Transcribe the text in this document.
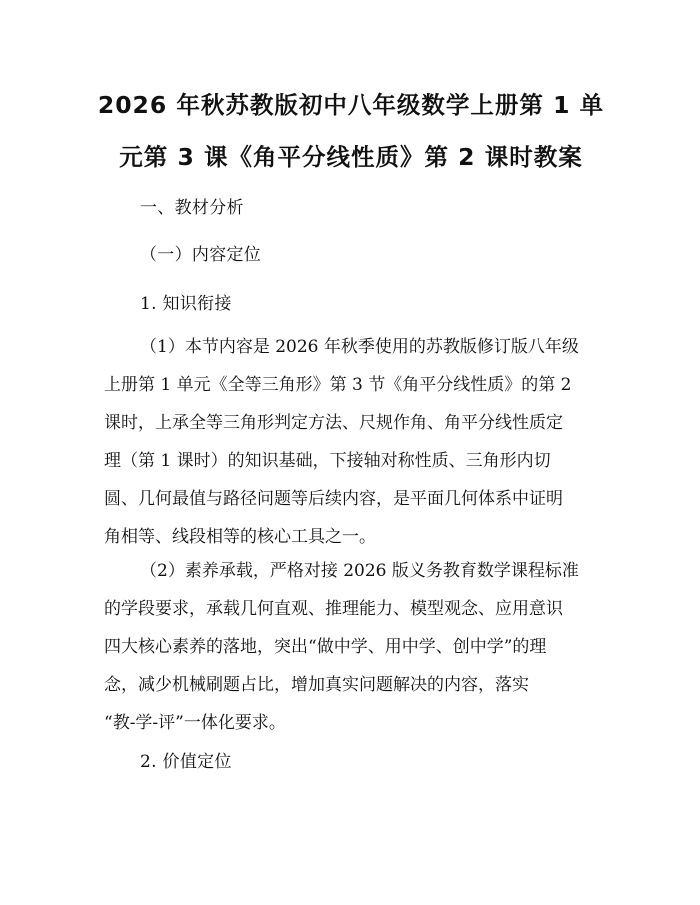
2026 年秋苏教版初中八年级数学上册第 1 单
元第 3 课《角平分线性质》第 2 课时教案
一、教材分析
（一）内容定位
1. 知识衔接
（1）本节内容是 2026 年秋季使用的苏教版修订版八年级
上册第 1 单元《全等三角形》第 3 节《角平分线性质》的第 2
课时，上承全等三角形判定方法、尺规作角、角平分线性质定
理（第 1 课时）的知识基础，下接轴对称性质、三角形内切
圆、几何最值与路径问题等后续内容，是平面几何体系中证明
角相等、线段相等的核心工具之一。
（2）素养承载，严格对接 2026 版义务教育数学课程标准
的学段要求，承载几何直观、推理能力、模型观念、应用意识
四大核心素养的落地，突出“做中学、用中学、创中学”的理
念，减少机械刷题占比，增加真实问题解决的内容，落实
“教-学-评”一体化要求。
2. 价值定位
